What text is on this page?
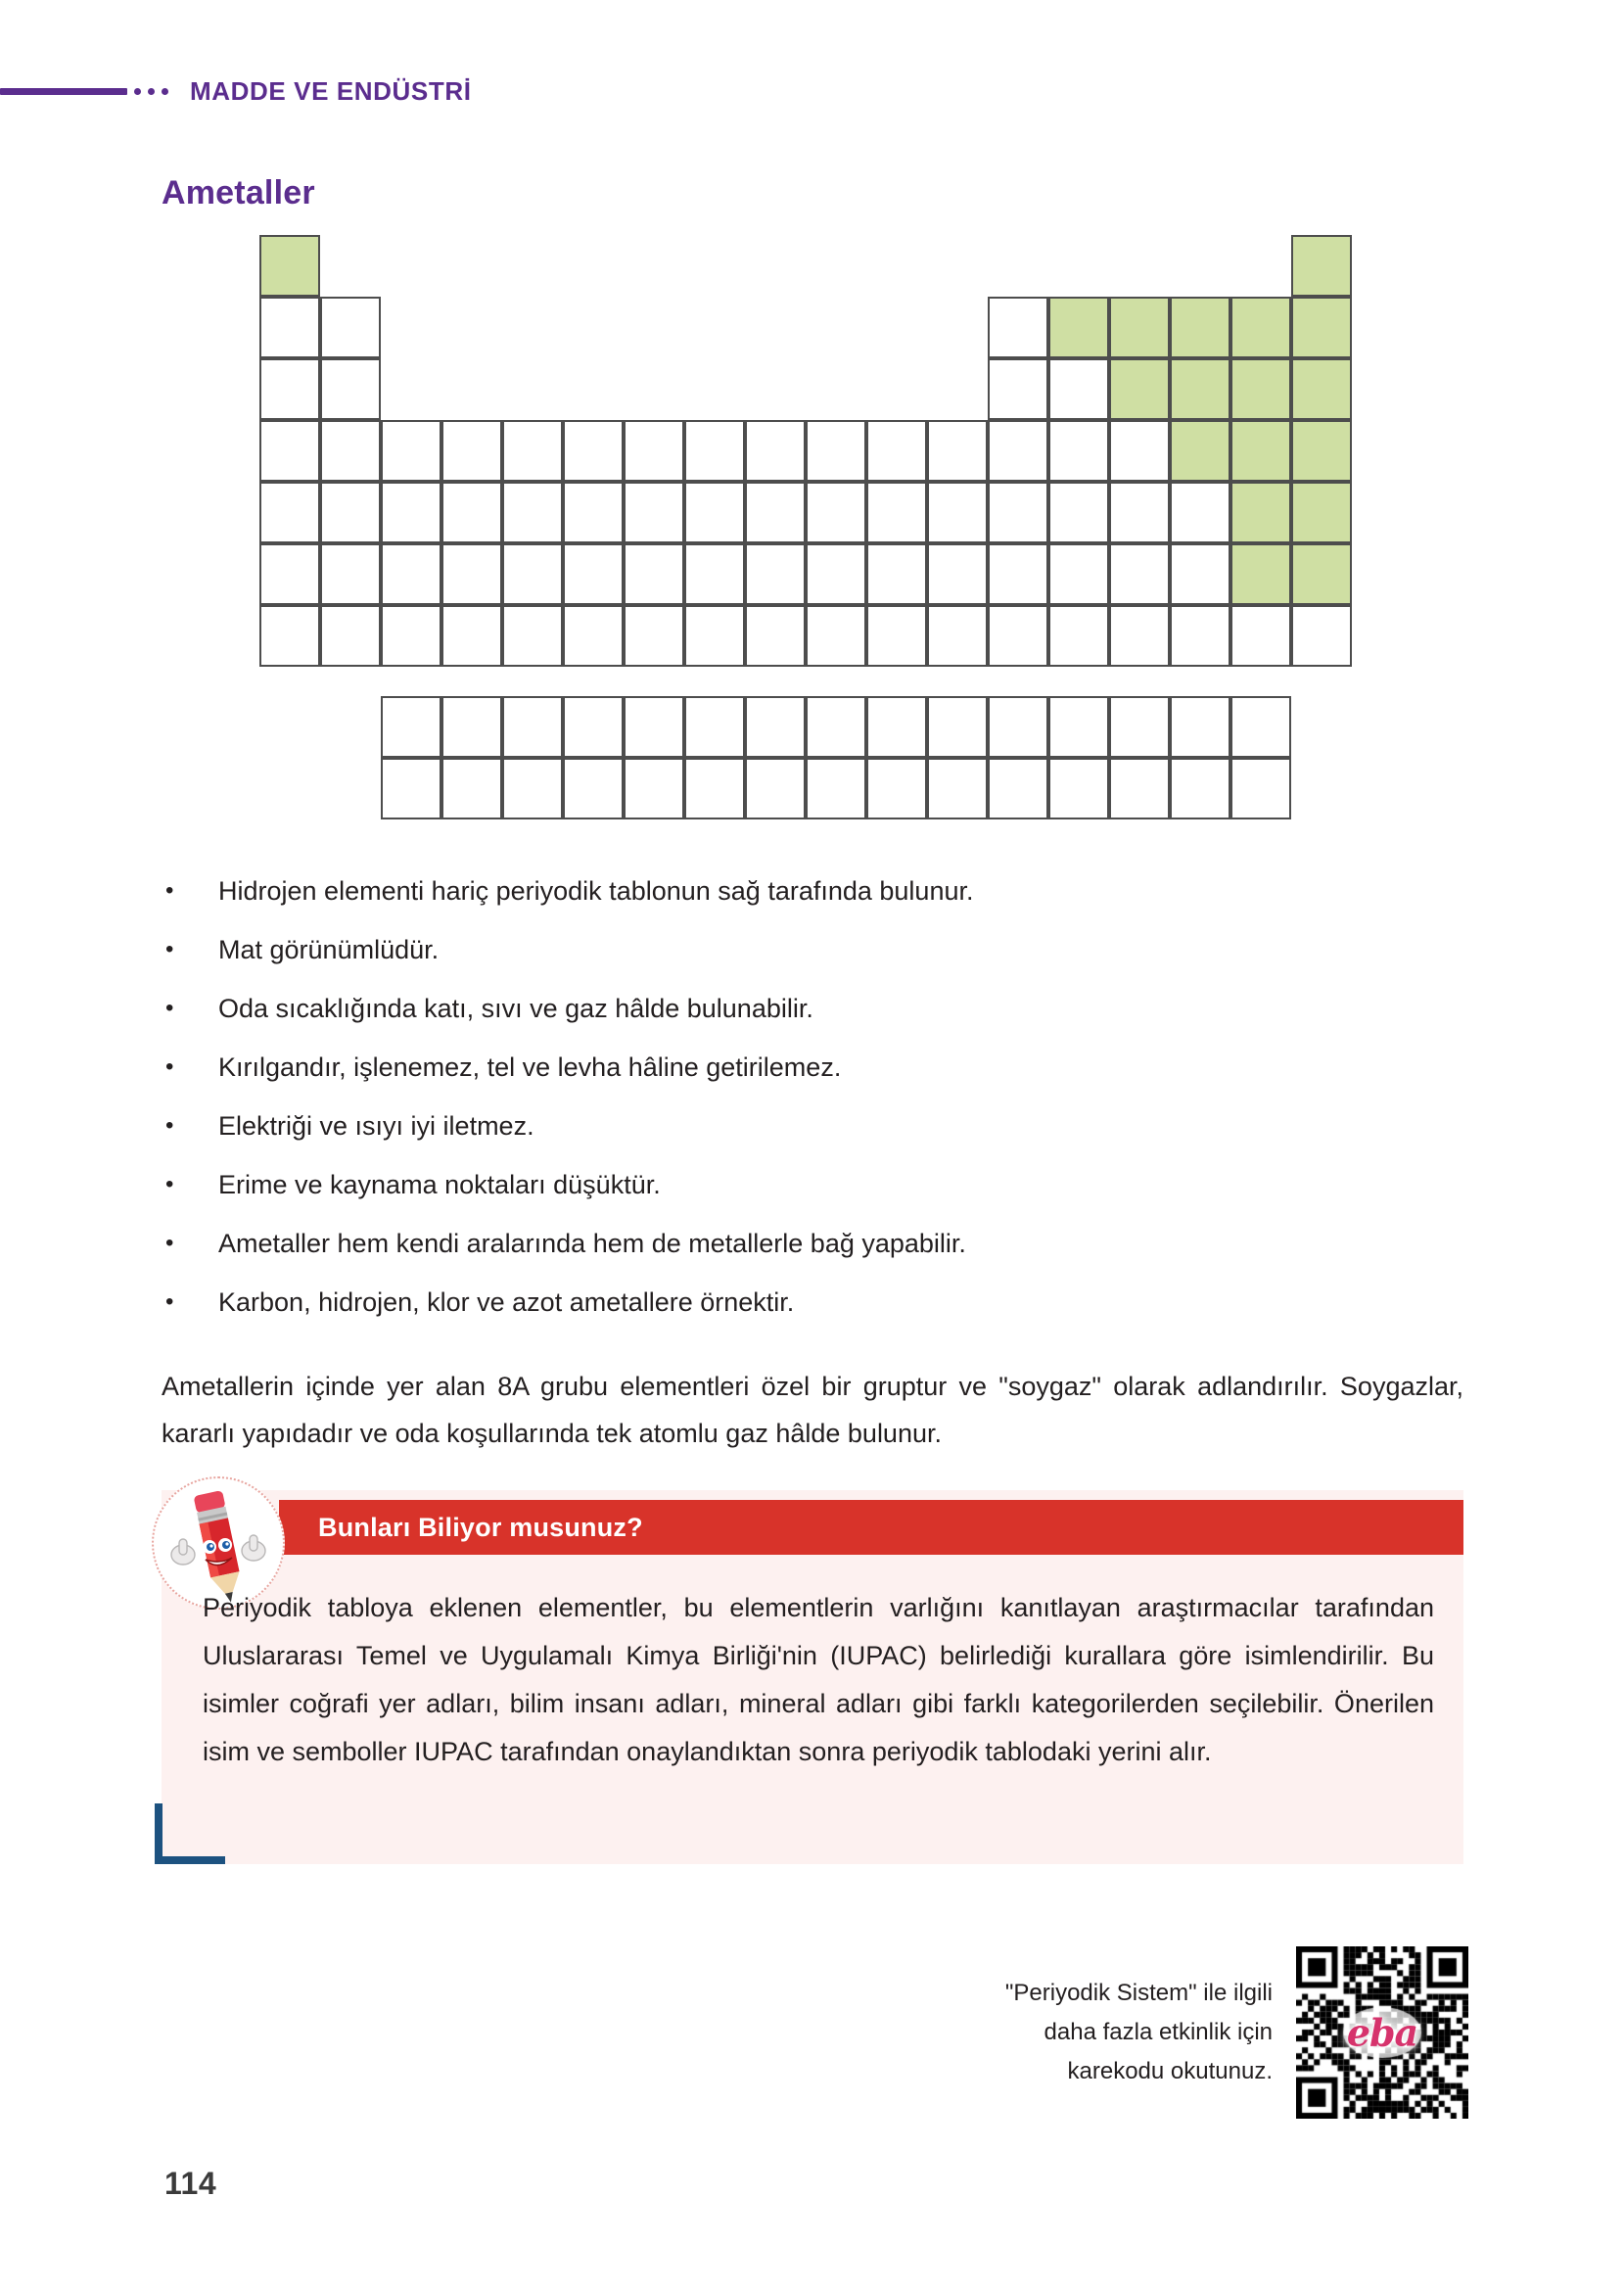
MADDE VE ENDÜSTRİ
Ametaller
• Hidrojen elementi hariç periyodik tablonun sağ tarafında bulunur.
• Mat görünümlüdür.
• Oda sıcaklığında katı, sıvı ve gaz hâlde bulunabilir.
• Kırılgandır, işlenemez, tel ve levha hâline getirilemez.
• Elektriği ve ısıyı iyi iletmez.
• Erime ve kaynama noktaları düşüktür.
• Ametaller hem kendi aralarında hem de metallerle bağ yapabilir.
• Karbon, hidrojen, klor ve azot ametallere örnektir.

Ametallerin içinde yer alan 8A grubu elementleri özel bir gruptur ve "soygaz" olarak adlandırılır. Soygazlar, kararlı yapıdadır ve oda koşullarında tek atomlu gaz hâlde bulunur.

Bunları Biliyor musunuz?
Periyodik tabloya eklenen elementler, bu elementlerin varlığını kanıtlayan araştırmacılar tarafından Uluslararası Temel ve Uygulamalı Kimya Birliği'nin (IUPAC) belirlediği kurallara göre isimlendirilir. Bu isimler coğrafi yer adları, bilim insanı adları, mineral adları gibi farklı kategorilerden seçilebilir. Önerilen isim ve semboller IUPAC tarafından onaylandıktan sonra periyodik tablodaki yerini alır.
"Periyodik Sistem" ile ilgili
daha fazla etkinlik için
karekodu okutunuz.
eba
114
